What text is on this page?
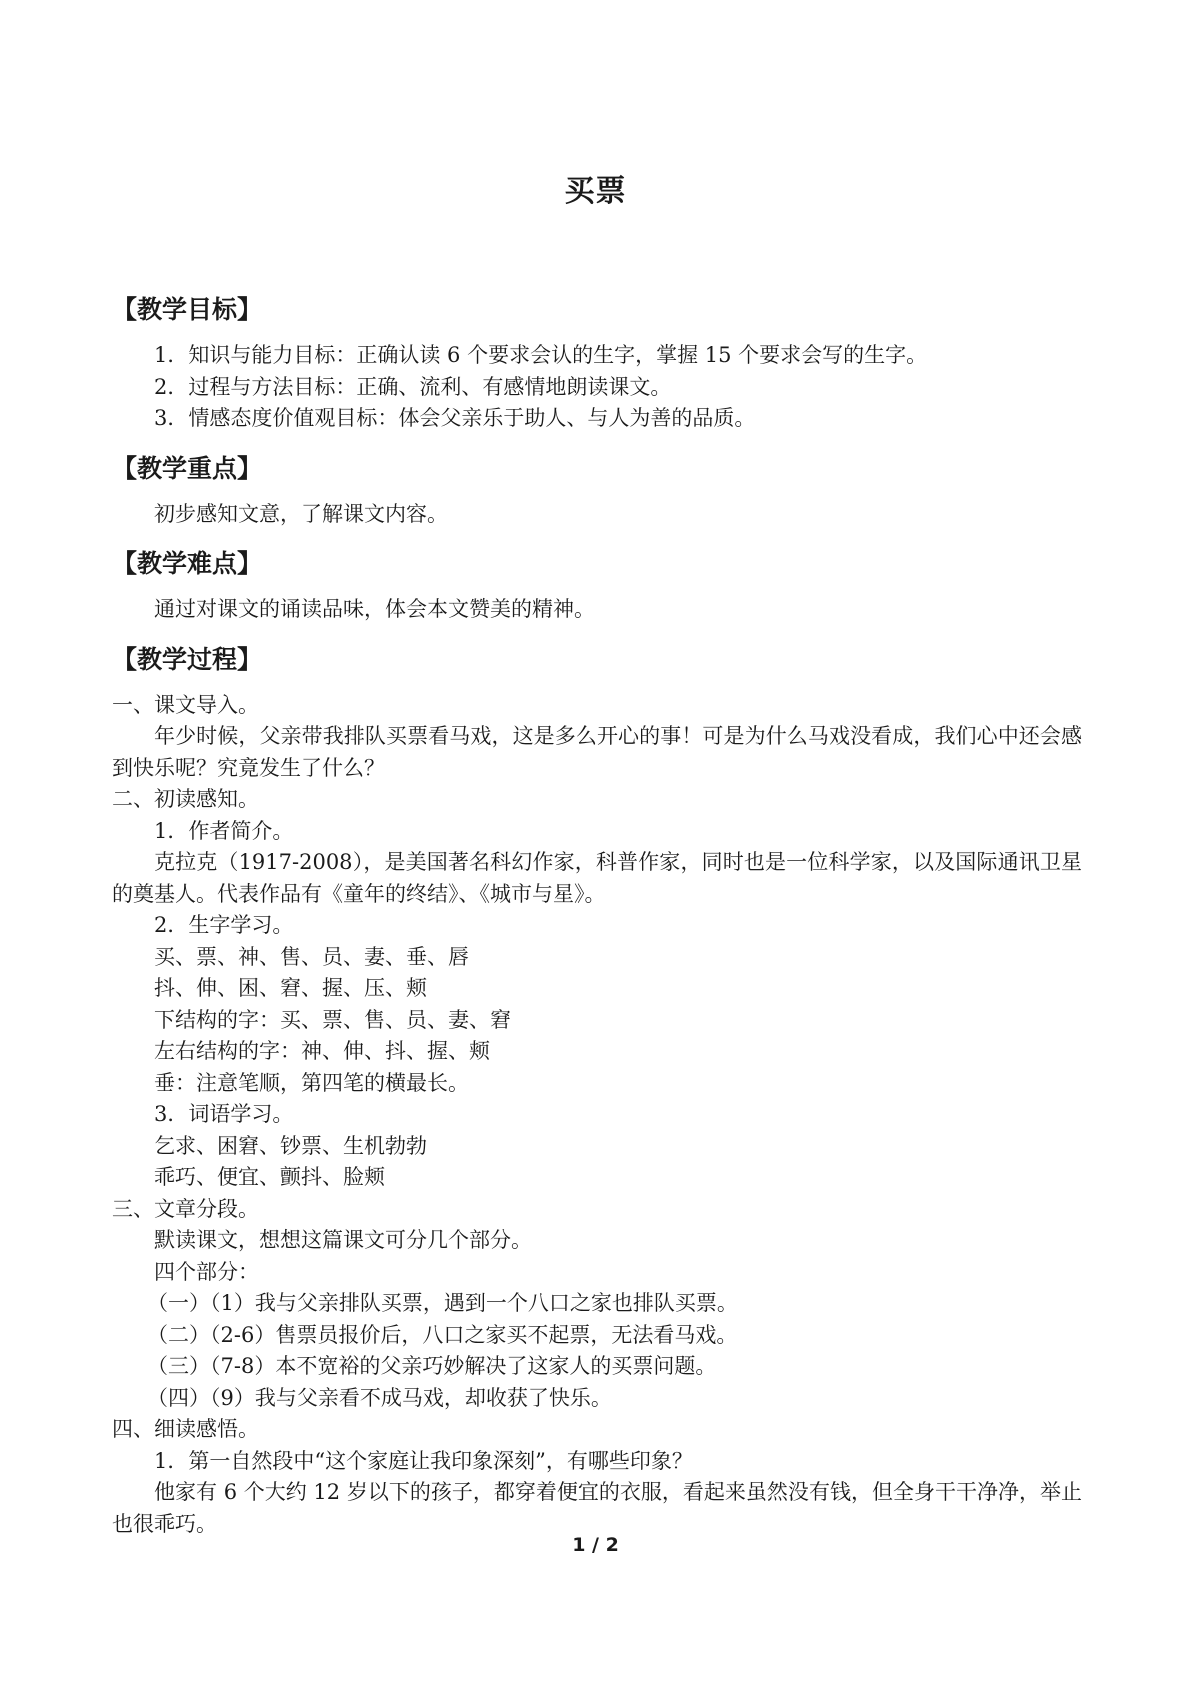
买票

【教学目标】

1．知识与能力目标：正确认读 6 个要求会认的生字，掌握 15 个要求会写的生字。

2．过程与方法目标：正确、流利、有感情地朗读课文。

3．情感态度价值观目标：体会父亲乐于助人、与人为善的品质。

【教学重点】

初步感知文意，了解课文内容。

【教学难点】

通过对课文的诵读品味，体会本文赞美的精神。

【教学过程】

一、课文导入。

年少时候，父亲带我排队买票看马戏，这是多么开心的事！可是为什么马戏没看成，我们心中还会感到快乐呢？究竟发生了什么？

二、初读感知。

1．作者简介。

克拉克（1917-2008），是美国著名科幻作家，科普作家，同时也是一位科学家，以及国际通讯卫星的奠基人。代表作品有《童年的终结》、《城市与星》。

2．生字学习。

买、票、神、售、员、妻、垂、唇

抖、伸、困、窘、握、压、颊

下结构的字：买、票、售、员、妻、窘

左右结构的字：神、伸、抖、握、颊

垂：注意笔顺，第四笔的横最长。

3．词语学习。

乞求、困窘、钞票、生机勃勃

乖巧、便宜、颤抖、脸颊

三、文章分段。

默读课文，想想这篇课文可分几个部分。

四个部分：

（一）（1）我与父亲排队买票，遇到一个八口之家也排队买票。

（二）（2-6）售票员报价后，八口之家买不起票，无法看马戏。

（三）（7-8）本不宽裕的父亲巧妙解决了这家人的买票问题。

（四）（9）我与父亲看不成马戏，却收获了快乐。

四、细读感悟。

1．第一自然段中“这个家庭让我印象深刻”，有哪些印象？

他家有 6 个大约 12 岁以下的孩子，都穿着便宜的衣服，看起来虽然没有钱，但全身干干净净，举止也很乖巧。

1 / 2
